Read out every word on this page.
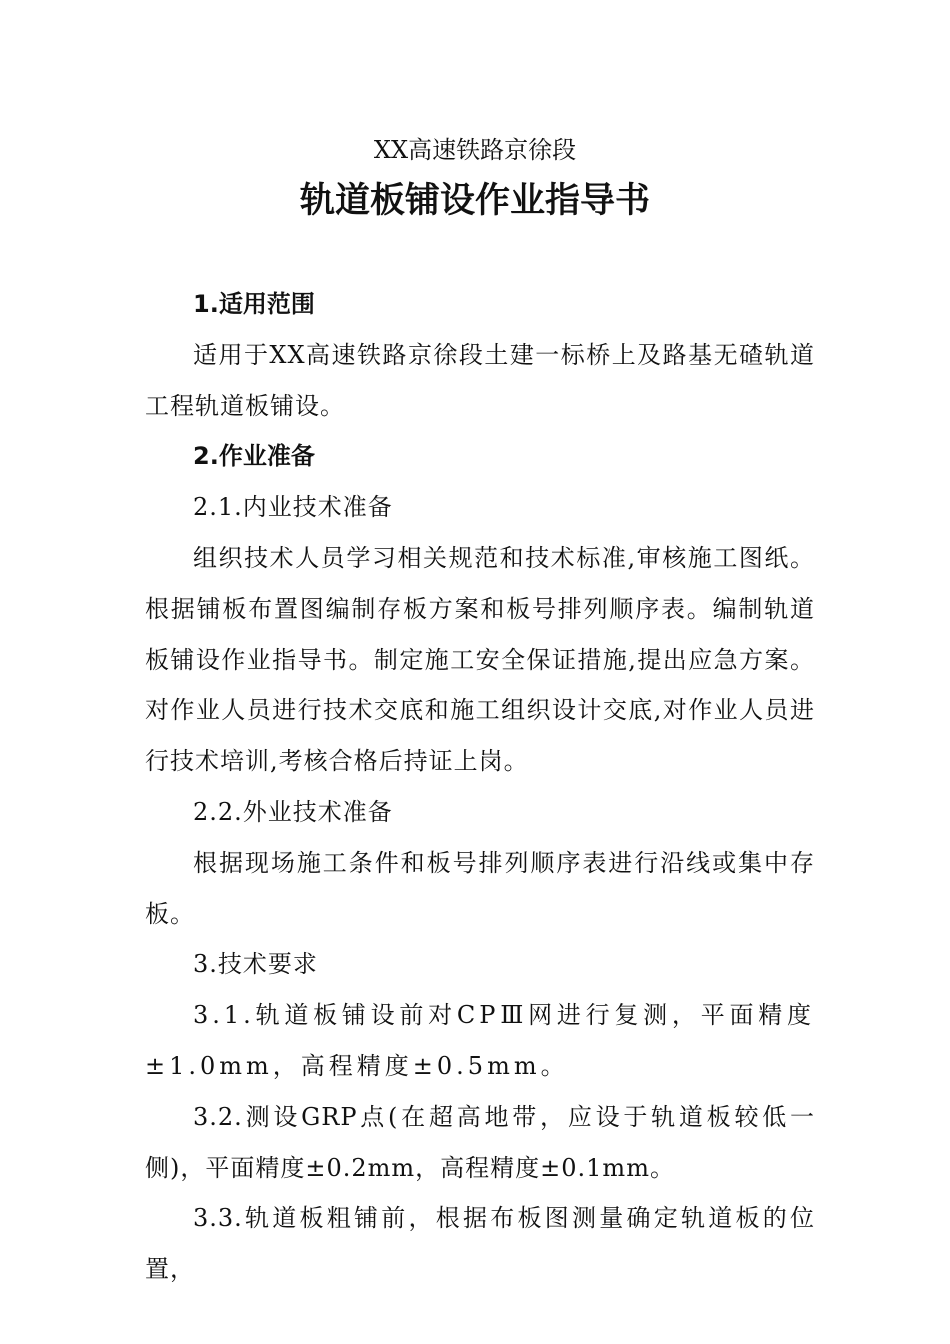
XX高速铁路京徐段
轨道板铺设作业指导书

1.适用范围

适用于XX高速铁路京徐段土建一标桥上及路基无碴轨道工程轨道板铺设。

2.作业准备

2.1.内业技术准备

组织技术人员学习相关规范和技术标准,审核施工图纸。根据铺板布置图编制存板方案和板号排列顺序表。编制轨道板铺设作业指导书。制定施工安全保证措施,提出应急方案。对作业人员进行技术交底和施工组织设计交底,对作业人员进行技术培训,考核合格后持证上岗。

2.2.外业技术准备

根据现场施工条件和板号排列顺序表进行沿线或集中存板。

3.技术要求

3.1.轨道板铺设前对CPⅢ网进行复测，平面精度±1.0mm，高程精度±0.5mm。

3.2.测设GRP点(在超高地带，应设于轨道板较低一侧)，平面精度±0.2mm，高程精度±0.1mm。

3.3.轨道板粗铺前，根据布板图测量确定轨道板的位置，
